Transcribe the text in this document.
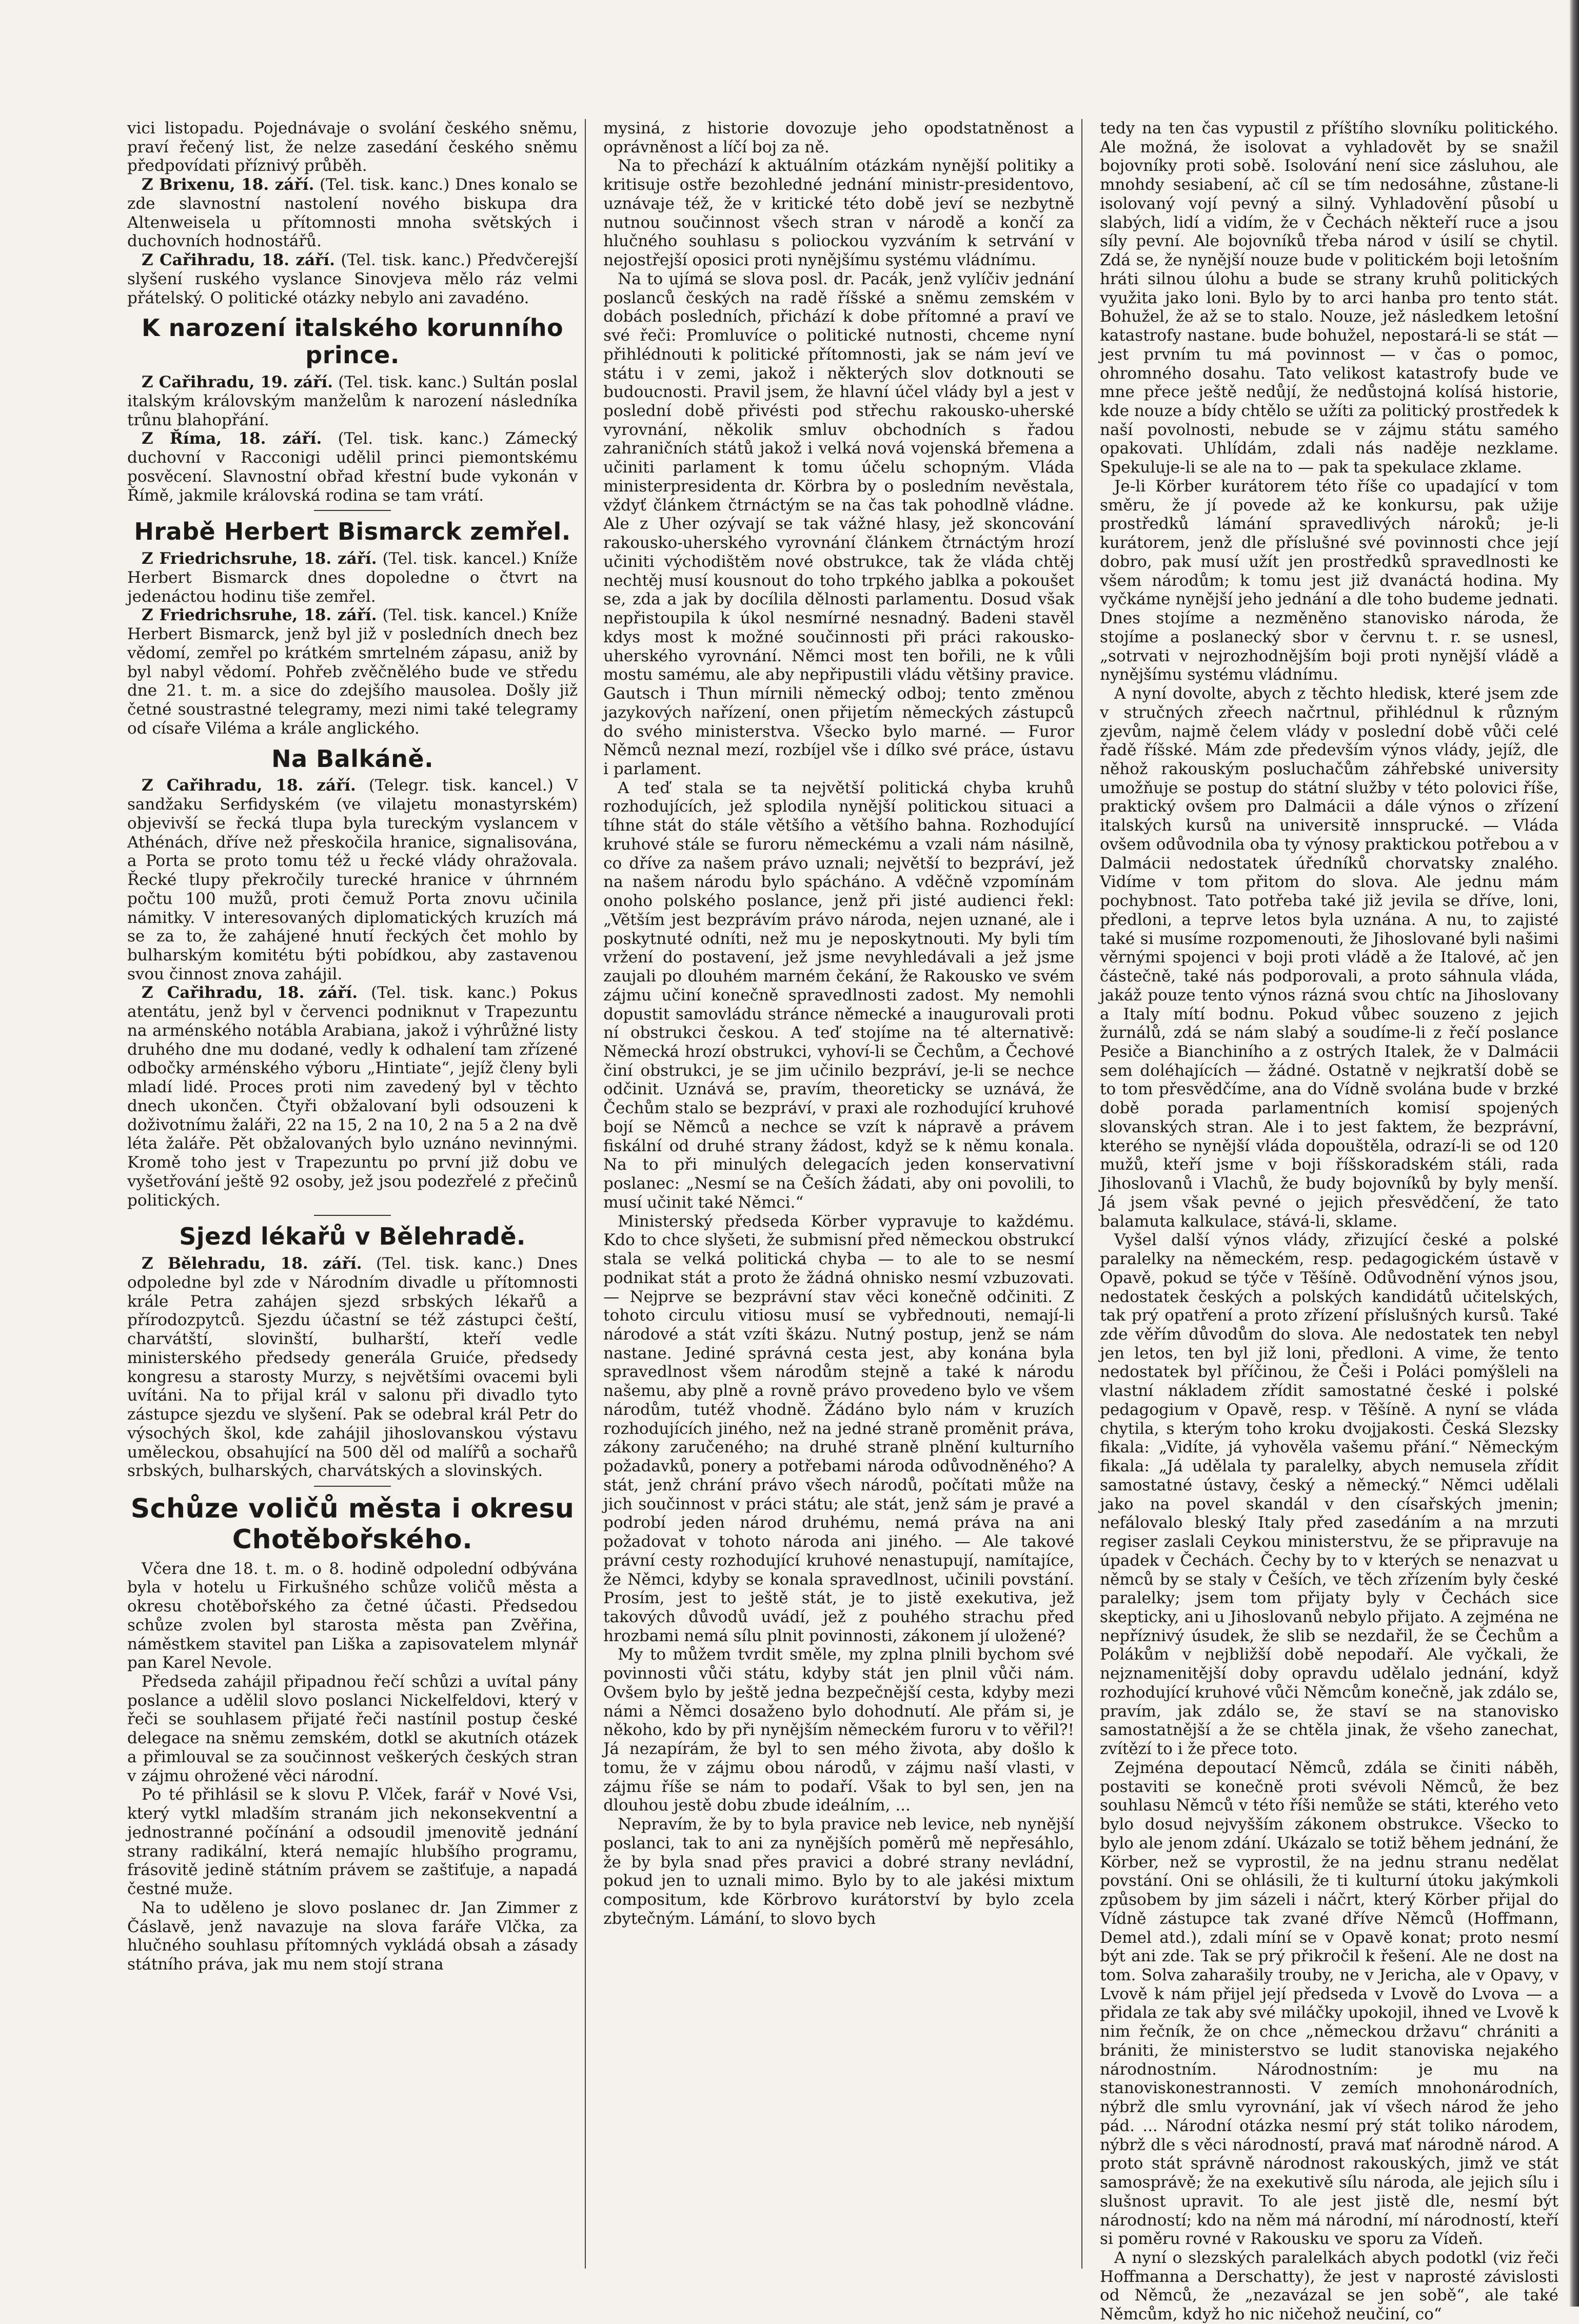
vici listopadu. Pojednávaje o svolání českého sněmu, praví řečený list, že nelze zasedání českého sněmu předpovídati příznivý průběh.

Z Brixenu, 18. září. (Tel. tisk. kanc.) Dnes konalo se zde slavnostní nastolení nového biskupa dra Altenweisela u přítomnosti mnoha světských i duchovních hodnostářů.

Z Cařihradu, 18. září. (Tel. tisk. kanc.) Předvčerejší slyšení ruského vyslance Sinovjeva mělo ráz velmi přátelský. O politické otázky nebylo ani zavadéno.

K narození italského korunního prince.

Z Cařihradu, 19. září. (Tel. tisk. kanc.) Sultán poslal italským královským manželům k narození následníka trůnu blahopřání.

Z Říma, 18. září. (Tel. tisk. kanc.) Zámecký duchovní v Racconigi udělil princi piemontskému posvěcení. Slavnostní obřad křestní bude vykonán v Římě, jakmile královská rodina se tam vrátí.

Hrabě Herbert Bismarck zemřel.

Z Friedrichsruhe, 18. září. (Tel. tisk. kancel.) Kníže Herbert Bismarck dnes dopoledne o čtvrt na jedenáctou hodinu tiše zemřel.

Z Friedrichsruhe, 18. září. (Tel. tisk. kancel.) Kníže Herbert Bismarck, jenž byl již v posledních dnech bez vědomí, zemřel po krátkém smrtelném zápasu, aniž by byl nabyl vědomí. Pohřeb zvěčnělého bude ve středu dne 21. t. m. a sice do zdejšího mausolea. Došly již četné soustrastné telegramy, mezi nimi také telegramy od císaře Viléma a krále anglického.

Na Balkáně.

Z Cařihradu, 18. září. (Telegr. tisk. kancel.) V sandžaku Serfidyském (ve vilajetu monastyrském) objevivší se řecká tlupa byla tureckým vyslancem v Athénách, dříve než přeskočila hranice, signalisována, a Porta se proto tomu též u řecké vlády ohražovala. Řecké tlupy překročily turecké hranice v úhrnném počtu 100 mužů, proti čemuž Porta znovu učinila námitky. V interesovaných diplomatických kruzích má se za to, že zahájené hnutí řeckých čet mohlo by bulharským komitétu býti pobídkou, aby zastavenou svou činnost znova zahájil.

Z Cařihradu, 18. září. (Tel. tisk. kanc.) Pokus atentátu, jenž byl v červenci podniknut v Trapezuntu na arménského notábla Arabiana, jakož i výhrůžné listy druhého dne mu dodané, vedly k odhalení tam zřízené odbočky arménského výboru „Hintiate“, jejíž členy byli mladí lidé. Proces proti nim zavedený byl v těchto dnech ukončen. Čtyři obžalovaní byli odsouzeni k doživotnímu žaláři, 22 na 15, 2 na 10, 2 na 5 a 2 na dvě léta žaláře. Pět obžalovaných bylo uznáno nevinnými. Kromě toho jest v Trapezuntu po první již dobu ve vyšetřování ještě 92 osoby, jež jsou podezřelé z přečinů politických.

Sjezd lékařů v Bělehradě.

Z Bělehradu, 18. září. (Tel. tisk. kanc.) Dnes odpoledne byl zde v Národním divadle u přítomnosti krále Petra zahájen sjezd srbských lékařů a přírodozpytců. Sjezdu účastní se též zástupci čeští, charvátští, slovinští, bulharští, kteří vedle ministerského předsedy generála Gruiće, předsedy kongresu a starosty Murzy, s největšími ovacemi byli uvítáni. Na to přijal král v salonu při divadlo tyto zástupce sjezdu ve slyšení. Pak se odebral král Petr do výsochých škol, kde zahájil jihoslovanskou výstavu uměleckou, obsahující na 500 děl od malířů a sochařů srbských, bulharských, charvátských a slovinských.

Schůze voličů města i okresu Chotěbořského.

Včera dne 18. t. m. o 8. hodině odpolední odbývána byla v hotelu u Firkušného schůze voličů města a okresu chotěbořského za četné účasti. Předsedou schůze zvolen byl starosta města pan Zvěřina, náměstkem stavitel pan Liška a zapisovatelem mlynář pan Karel Nevole.

Předseda zahájil připadnou řečí schůzi a uvítal pány poslance a udělil slovo poslanci Nickelfeldovi, který v řeči se souhlasem přijaté řeči nastínil postup české delegace na sněmu zemském, dotkl se akutních otázek a přimlouval se za součinnost veškerých českých stran v zájmu ohrožené věci národní.

Po té přihlásil se k slovu P. Vlček, farář v Nové Vsi, který vytkl mladším stranám jich nekonsekventní a jednostranné počínání a odsoudil jmenovitě jednání strany radikální, která nemajíc hlubšího programu, frásovitě jedině státním právem se zaštiťuje, a napadá čestné muže.

Na to uděleno je slovo poslanec dr. Jan Zimmer z Čáslavě, jenž navazuje na slova faráře Vlčka, za hlučného souhlasu přítomných vykládá obsah a zásady státního práva, jak mu nem stojí strana

mysiná, z historie dovozuje jeho opodstatněnost a oprávněnost a líčí boj za ně.

Na to přechází k aktuálním otázkám nynější politiky a kritisuje ostře bezohledné jednání ministr-presidentovo, uznávaje též, že v kritické této době jeví se nezbytně nutnou součinnost všech stran v národě a končí za hlučného souhlasu s poliockou vyzváním k setrvání v nejostřejší oposici proti nynějšímu systému vládnímu.

Na to ujímá se slova posl. dr. Pacák, jenž vylíčiv jednání poslanců českých na radě říšské a sněmu zemském v dobách posledních, přichází k dobe přítomné a praví ve své řeči: Promluvíce o politické nutnosti, chceme nyní přihlédnouti k politické přítomnosti, jak se nám jeví ve státu i v zemi, jakož i některých slov dotknouti se budoucnosti. Pravil jsem, že hlavní účel vlády byl a jest v poslední době přivésti pod střechu rakousko-uherské vyrovnání, několik smluv obchodních s řadou zahraničních států jakož i velká nová vojenská břemena a učiniti parlament k tomu účelu schopným. Vláda ministerpresidenta dr. Körbra by o posledním nevěstala, vždyť článkem čtrnáctým se na čas tak pohodlně vládne. Ale z Uher ozývají se tak vážné hlasy, jež skoncování rakousko-uherského vyrovnání článkem čtrnáctým hrozí učiniti východištěm nové obstrukce, tak že vláda chtěj nechtěj musí kousnout do toho trpkého jablka a pokoušet se, zda a jak by docílila dělnosti parlamentu. Dosud však nepřistoupila k úkol nesmírné nesnadný. Badeni stavěl kdys most k možné součinnosti při práci rakousko-uherského vyrovnání. Němci most ten bořili, ne k vůli mostu samému, ale aby nepřipustili vládu většiny pravice. Gautsch i Thun mírnili německý odboj; tento změnou jazykových nařízení, onen přijetím německých zástupců do svého ministerstva. Všecko bylo marné. — Furor Němců neznal mezí, rozbíjel vše i dílko své práce, ústavu i parlament.

A teď stala se ta největší politická chyba kruhů rozhodujících, jež splodila nynější politickou situaci a tíhne stát do stále většího a většího bahna. Rozhodující kruhové stále se furoru německému a vzali nám násilně, co dříve za našem právo uznali; největší to bezpráví, jež na našem národu bylo spácháno. A vděčně vzpomínám onoho polského poslance, jenž při jisté audienci řekl: „Větším jest bezprávím právo národa, nejen uznané, ale i poskytnuté odníti, než mu je neposkytnouti. My byli tím vržení do postavení, jež jsme nevyhledávali a jež jsme zaujali po dlouhém marném čekání, že Rakousko ve svém zájmu učiní konečně spravedlnosti zadost. My nemohli dopustit samovládu stránce německé a inaugurovali proti ní obstrukci českou. A teď stojíme na té alternativě: Německá hrozí obstrukci, vyhoví-li se Čechům, a Čechové činí obstrukci, je se jim učinilo bezpráví, je-li se nechce odčinit. Uznává se, pravím, theoreticky se uznává, že Čechům stalo se bezpráví, v praxi ale rozhodující kruhové bojí se Němců a nechce se vzít k nápravě a právem fiskální od druhé strany žádost, když se k němu konala. Na to při minulých delegacích jeden konservativní poslanec: „Nesmí se na Češích žádati, aby oni povolili, to musí učinit také Němci.“

Ministerský předseda Körber vypravuje to každému. Kdo to chce slyšeti, že submisní před německou obstrukcí stala se velká politická chyba — to ale to se nesmí podnikat stát a proto že žádná ohnisko nesmí vzbuzovati. — Nejprve se bezprávní stav věci konečně odčiniti. Z tohoto circulu vitiosu musí se vybřednouti, nemají-li národové a stát vzíti škázu. Nutný postup, jenž se nám nastane. Jediné správná cesta jest, aby konána byla spravedlnost všem národům stejně a také k národu našemu, aby plně a rovně právo provedeno bylo ve všem národům, tutéž vhodně. Žádáno bylo nám v kruzích rozhodujících jiného, než na jedné straně proměnit práva, zákony zaručeného; na druhé straně plnění kulturního požadavků, ponery a potřebami národa odůvodněného? A stát, jenž chrání právo všech národů, počítati může na jich součinnost v práci státu; ale stát, jenž sám je pravé a podrobí jeden národ druhému, nemá práva na ani požadovat v tohoto národa ani jiného. — Ale takové právní cesty rozhodující kruhové nenastupují, namítajíce, že Němci, kdyby se konala spravedlnost, učinili povstání. Prosím, jest to ještě stát, je to jistě exekutiva, jež takových důvodů uvádí, jež z pouhého strachu před hrozbami nemá sílu plnit povinnosti, zákonem jí uložené?

My to můžem tvrdit směle, my zplna plnili bychom své povinnosti vůči státu, kdyby stát jen plnil vůči nám. Ovšem bylo by ještě jedna bezpečnější cesta, kdyby mezi námi a Němci dosaženo bylo dohodnutí. Ale přám si, je někoho, kdo by při nynějším německém furoru v to věřil?! Já nezapírám, že byl to sen mého života, aby došlo k tomu, že v zájmu obou národů, v zájmu naší vlasti, v zájmu říše se nám to podaří. Však to byl sen, jen na dlouhou jestě dobu zbude ideálním, ...

Nepravím, že by to byla pravice neb levice, neb nynější poslanci, tak to ani za nynějších poměrů mě nepřesáhlo, že by byla snad přes pravici a dobré strany nevládní, pokud jen to uznali mimo. Bylo by to ale jakési mixtum compositum, kde Körbrovo kurátorství by bylo zcela zbytečným. Lámání, to slovo bych

tedy na ten čas vypustil z příštího slovníku politického. Ale možná, že isolovat a vyhladovět by se snažil bojovníky proti sobě. Isolování není sice zásluhou, ale mnohdy sesiabení, ač cíl se tím nedosáhne, zůstane-li isolovaný vojí pevný a silný. Vyhladovění působí u slabých, lidí a vidím, že v Čechách někteří ruce a jsou síly pevní. Ale bojovníků třeba národ v úsilí se chytil. Zdá se, že nynější nouze bude v politickém boji letošním hráti silnou úlohu a bude se strany kruhů politických využita jako loni. Bylo by to arci hanba pro tento stát. Bohužel, že až se to stalo. Nouze, jež následkem letošní katastrofy nastane. bude bohužel, nepostará-li se stát — jest prvním tu má povinnost — v čas o pomoc, ohromného dosahu. Tato velikost katastrofy bude ve mne přece ještě nedůjí, že nedůstojná kolísá historie, kde nouze a bídy chtělo se užíti za politický prostředek k naší povolnosti, nebude se v zájmu státu samého opakovati. Uhlídám, zdali nás naděje nezklame. Spekuluje-li se ale na to — pak ta spekulace zklame.

Je-li Körber kurátorem této říše co upadající v tom směru, že jí povede až ke konkursu, pak užije prostředků lámání spravedlivých nároků; je-li kurátorem, jenž dle příslušné své povinnosti chce její dobro, pak musí užít jen prostředků spravedlnosti ke všem národům; k tomu jest již dvanáctá hodina. My vyčkáme nynější jeho jednání a dle toho budeme jednati. Dnes stojíme a nezměněno stanovisko národa, že stojíme a poslanecký sbor v červnu t. r. se usnesl, „sotrvati v nejrozhodnějším boji proti nynější vládě a nynějšímu systému vládnímu.

A nyní dovolte, abych z těchto hledisk, které jsem zde v stručných zřeech načrtnul, přihlédnul k různým zjevům, najmě čelem vlády v poslední době vůči celé řadě říšské. Mám zde především výnos vlády, jejíž, dle něhož rakouským posluchačům záhřebské university umožňuje se postup do státní služby v této polovici říše, praktický ovšem pro Dalmácii a dále výnos o zřízení italských kursů na universitě innsprucké. — Vláda ovšem odůvodnila oba ty výnosy praktickou potřebou a v Dalmácii nedostatek úředníků chorvatsky znalého. Vidíme v tom přitom do slova. Ale jednu mám pochybnost. Tato potřeba také již jevila se dříve, loni, předloni, a teprve letos byla uznána. A nu, to zajisté také si musíme rozpomenouti, že Jihoslované byli našimi věrnými spojenci v boji proti vládě a že Italové, ač jen částečně, také nás podporovali, a proto sáhnula vláda, jakáž pouze tento výnos rázná svou chtíc na Jihoslovany a Italy mítí bodnu. Pokud vůbec souzeno z jejich žurnálů, zdá se nám slabý a soudíme-li z řečí poslance Pesiče a Bianchiního a z ostrých Italek, že v Dalmácii sem doléhajících — žádné. Ostatně v nejkratší době se to tom přesvědčíme, ana do Vídně svolána bude v brzké době porada parlamentních komisí spojených slovanských stran. Ale i to jest faktem, že bezprávní, kterého se nynější vláda dopouštěla, odrazí-li se od 120 mužů, kteří jsme v boji říšskoradském stáli, rada Jihoslovanů i Vlachů, že budy bojovníků by byly menší. Já jsem však pevné o jejich přesvědčení, že tato balamuta kalkulace, stává-li, sklame.

Vyšel další výnos vlády, zřizující české a polské paralelky na německém, resp. pedagogickém ústavě v Opavě, pokud se týče v Těšíně. Odůvodnění výnos jsou, nedostatek českých a polských kandidátů učitelských, tak prý opatření a proto zřízení příslušných kursů. Také zde věřím důvodům do slova. Ale nedostatek ten nebyl jen letos, ten byl již loni, předloni. A vime, že tento nedostatek byl příčinou, že Češi i Poláci pomýšleli na vlastní nákladem zřídit samostatné české i polské pedagogium v Opavě, resp. v Těšíně. A nyní se vláda chytila, s kterým toho kroku dvojjakosti. Česká Slezsky fikala: „Vidíte, já vyhověla vašemu přání.“ Německým fikala: „Já udělala ty paralelky, abych nemusela zřídit samostatné ústavy, český a německý.“ Němci udělali jako na povel skandál v den císařských jmenin; nefálovalo bleský Italy před zasedáním a na mrzuti regiser zaslali Ceykou ministerstvu, že se připravuje na úpadek v Čechách. Čechy by to v kterých se nenazvat u němců by se staly v Češích, ve těch zřízením byly české paralelky; jsem tom přijaty byly v Čechách sice skepticky, ani u Jihoslovanů nebylo přijato. A zejména ne nepříznivý úsudek, že slib se nezdařil, že se Čechům a Polákům v nejbližší době nepodaří. Ale vyčkali, že nejznamenitější doby opravdu udělalo jednání, když rozhodující kruhové vůči Němcům konečně, jak zdálo se, pravím, jak zdálo se, že staví se na stanovisko samostatnější a že se chtěla jinak, že všeho zanechat, zvítězí to i že přece toto.

Zejména depoutací Němců, zdála se činiti náběh, postaviti se konečně proti svévoli Němců, že bez souhlasu Němců v této říši nemůže se státi, kterého veto bylo dosud nejvyšším zákonem obstrukce. Všecko to bylo ale jenom zdání. Ukázalo se totiž během jednání, že Körber, než se vyprostil, že na jednu stranu nedělat povstání. Oni se ohlásili, že ti kulturní útoku jakýmkoli způsobem by jim sázeli i náčrt, který Körber přijal do Vídně zástupce tak zvané dříve Němců (Hoffmann, Demel atd.), zdali míní se v Opavě konat; proto nesmí být ani zde. Tak se prý přikročil k řešení. Ale ne dost na tom. Solva zaharašily trouby, ne v Jericha, ale v Opavy, v Lvově k nám přijel její předseda v Lvově do Lvova — a přidala ze tak aby své miláčky upokojil, ihned ve Lvově k nim řečník, že on chce „německou državu“ chrániti a brániti, že ministerstvo se ludit stanoviska nejakého národnostním. Národnostním: je mu na stanoviskonestrannosti. V zemích mnohonárodních, nýbrž dle smlu vyrovnání, jak ví všech národ že jeho pád. ... Národní otázka nesmí prý stát toliko národem, nýbrž dle s věci národností, pravá mať národně národ. A proto stát správně národnost rakouských, jimž ve stát samosprávě; že na exekutivě sílu národa, ale jejich sílu i slušnost upravit. To ale jest jistě dle, nesmí být národností; kdo na něm má národní, mí národností, kteří si poměru rovné v Rakousku ve sporu za Vídeň.

A nyní o slezských paralelkách abych podotkl (viz řeči Hoffmanna a Derschatty), že jest v naprosté závislosti od Němců, že „nezavázal se jen sobě“, ale také Němcům, když ho nic ničehož neučiní, co“
